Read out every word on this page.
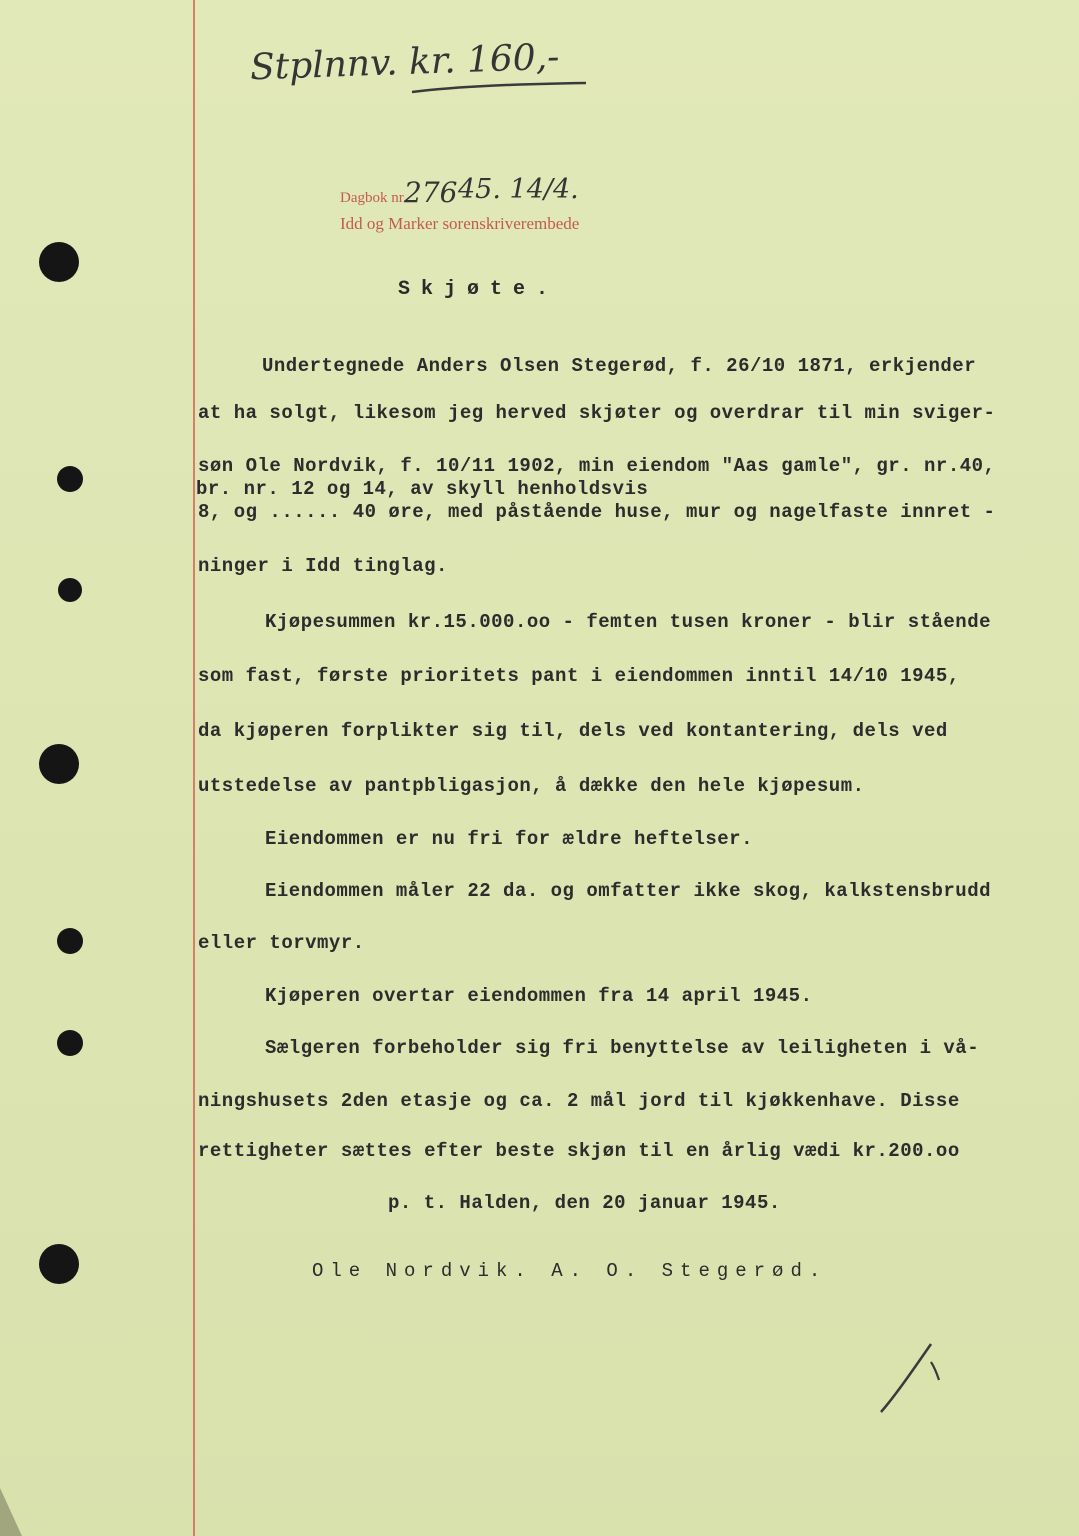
Stplnnv. kr. 160,-
Dagbok nr.
276 45. 14/4.
Idd og Marker sorenskriverembede
Skjøte.
Undertegnede Anders Olsen Stegerød, f. 26/10 1871, erkjender
at ha solgt, likesom jeg herved skjøter og overdrar til min sviger-
søn Ole Nordvik, f. 10/11 1902, min eiendom "Aas gamle", gr. nr.40,
br. nr. 12 og 14, av skyll henholdsvis
8, og ...... 40 øre, med påstående huse, mur og nagelfaste innret -
ninger i Idd tinglag.
Kjøpesummen kr.15.000.oo - femten tusen kroner - blir stående
som fast, første prioritets pant i eiendommen inntil 14/10 1945,
da kjøperen forplikter sig til, dels ved kontantering, dels ved
utstedelse av pantpbligasjon, å dække den hele kjøpesum.
Eiendommen er nu fri for ældre heftelser.
Eiendommen måler 22 da. og omfatter ikke skog, kalkstensbrudd
eller torvmyr.
Kjøperen overtar eiendommen fra 14 april 1945.
Sælgeren forbeholder sig fri benyttelse av leiligheten i vå-
ningshusets 2den etasje og ca. 2 mål jord til kjøkkenhave. Disse
rettigheter sættes efter beste skjøn til en årlig vædi kr.200.oo
p. t. Halden, den 20 januar 1945.
Ole Nordvik. A. O. Stegerød.
